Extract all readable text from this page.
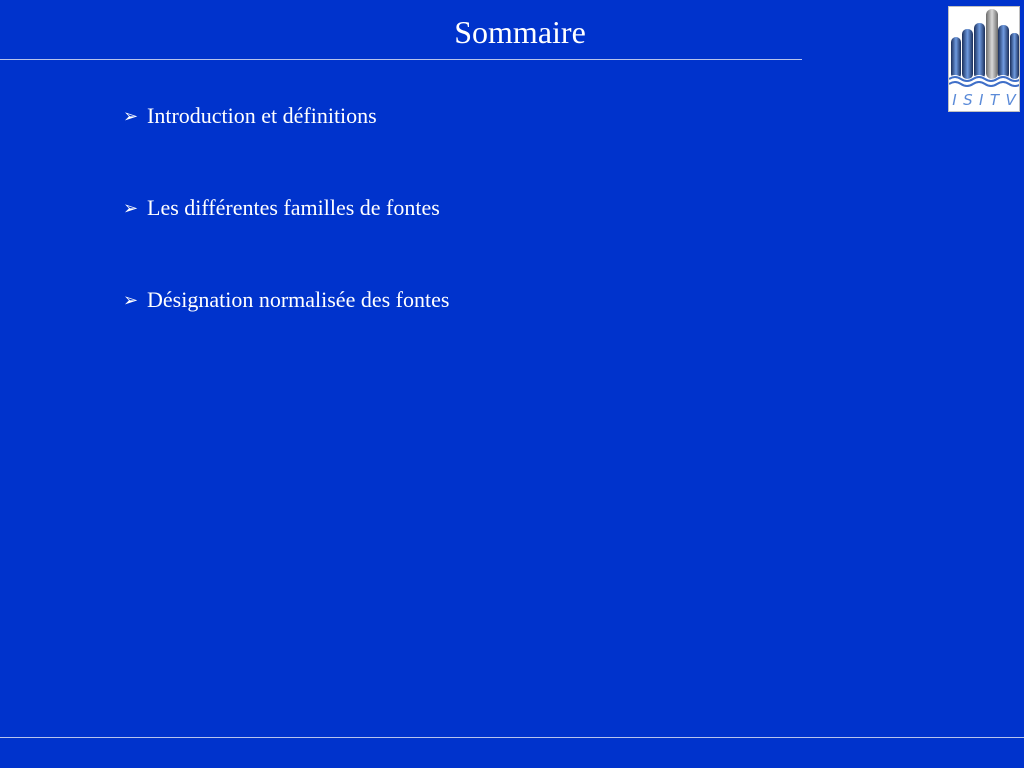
Sommaire
➢ Introduction et définitions
➢ Les différentes familles de fontes
➢ Désignation normalisée des fontes
I S I T V
